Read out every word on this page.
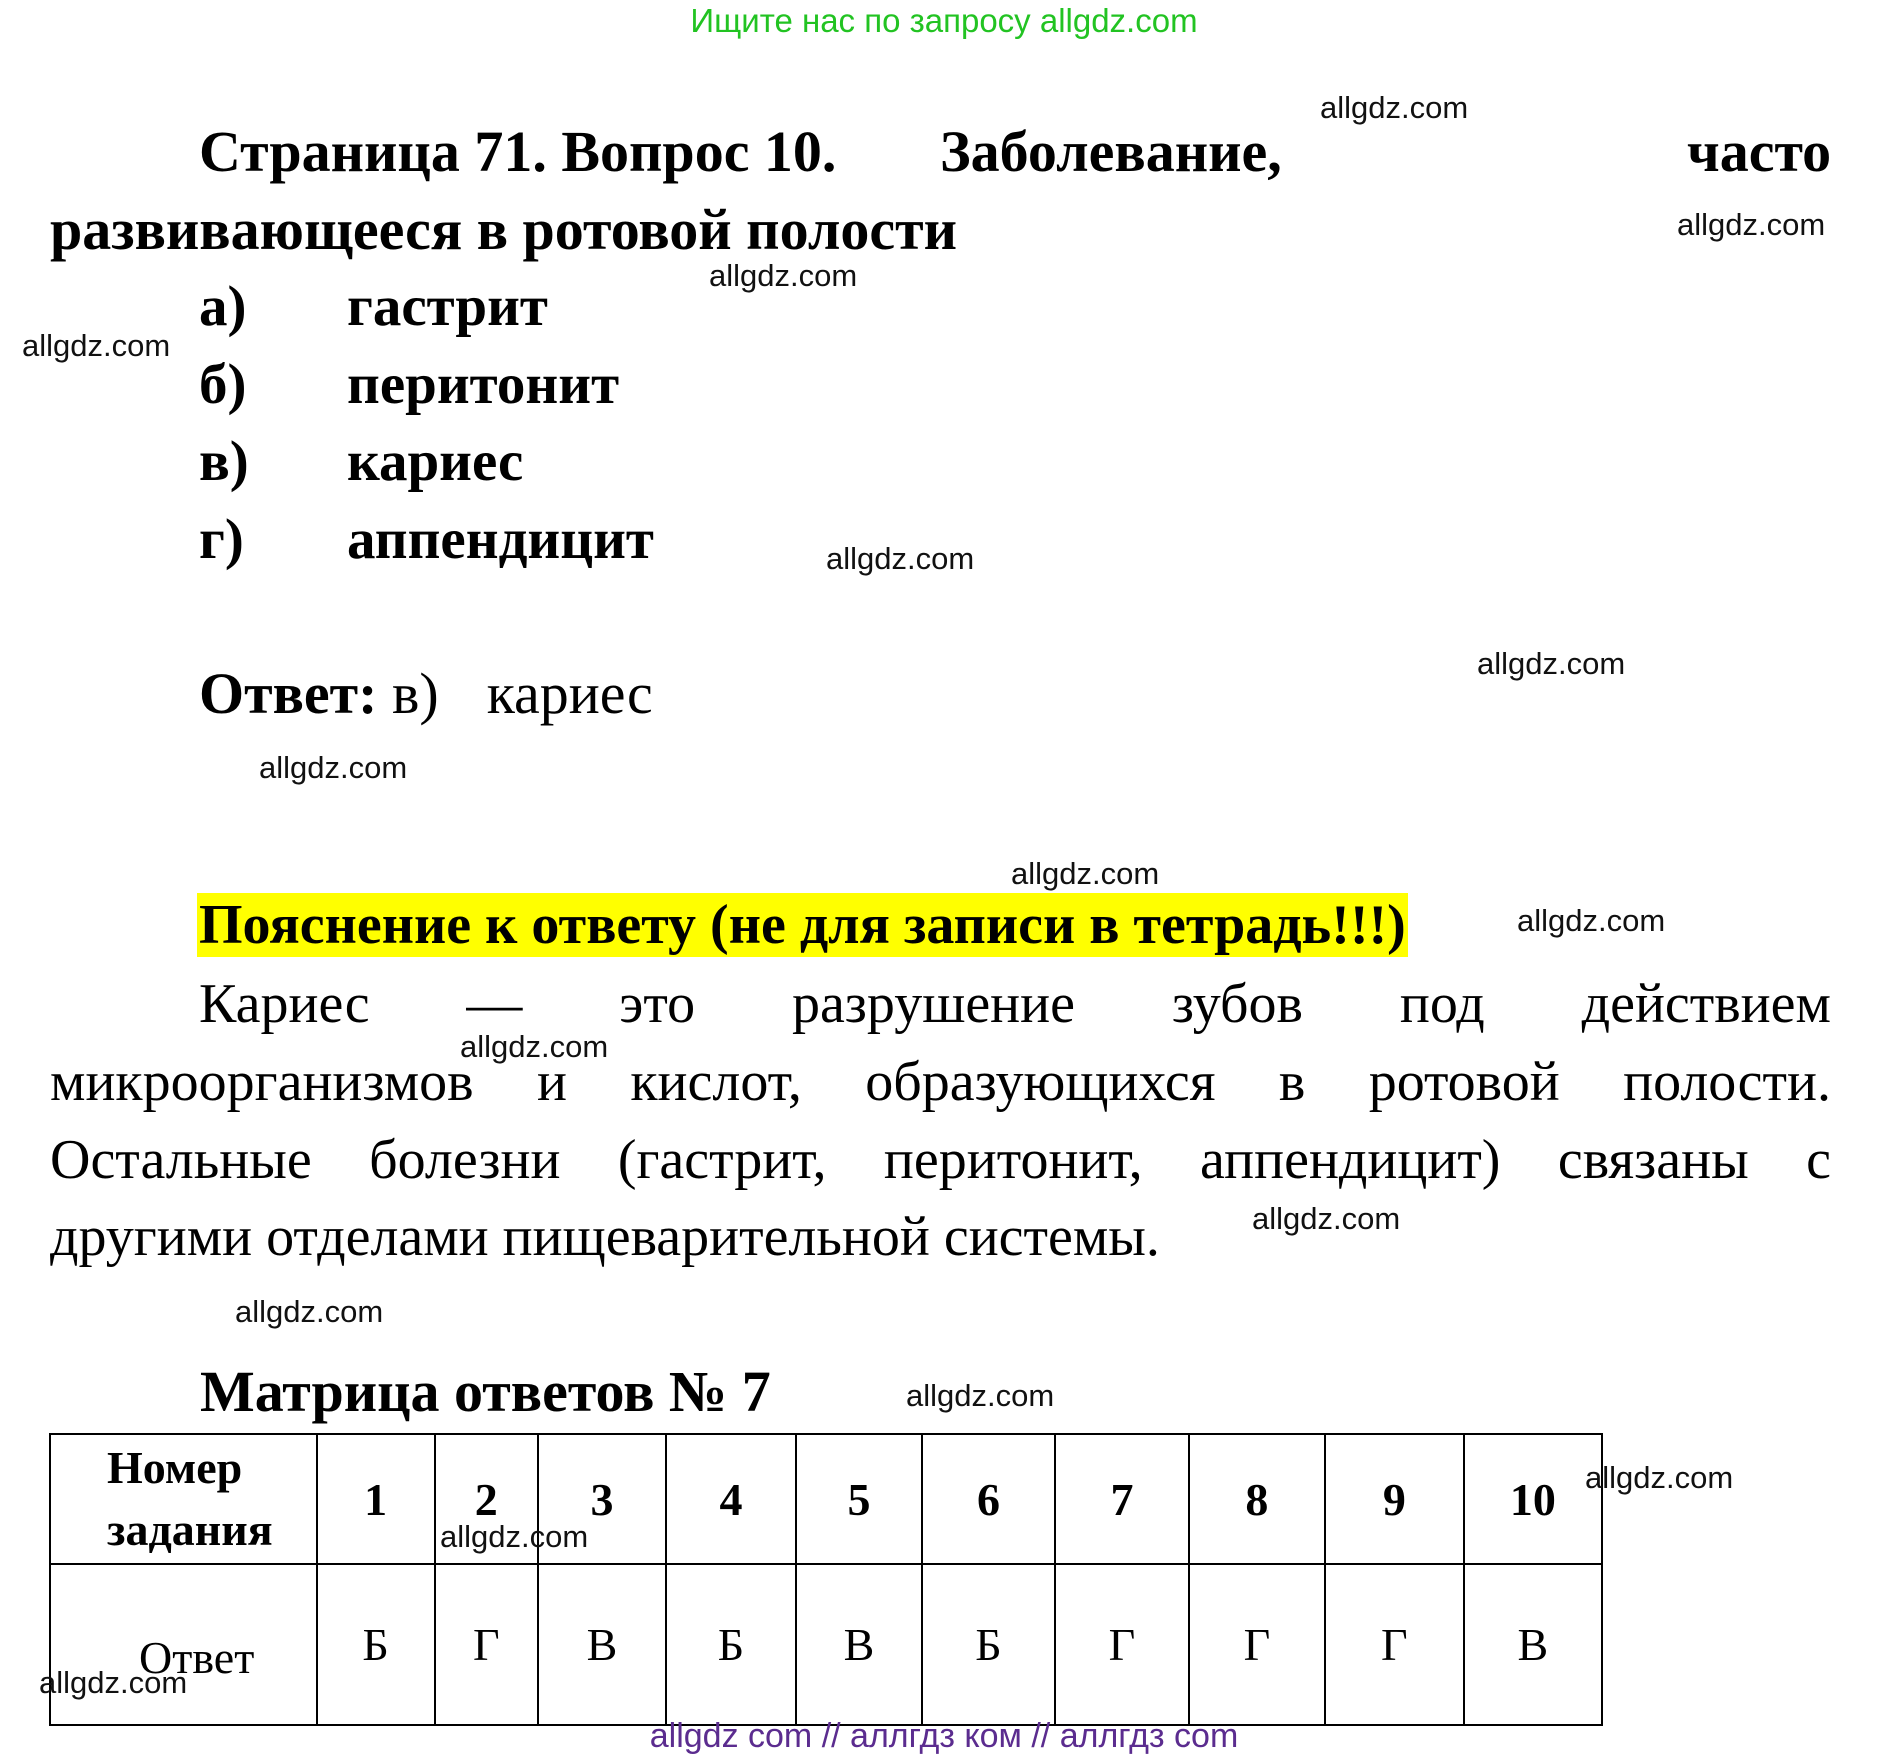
Ищите нас по запросу allgdz.com
allgdz.com
allgdz.com
allgdz.com
allgdz.com
allgdz.com
allgdz.com
allgdz.com
allgdz.com
allgdz.com
allgdz.com
allgdz.com
allgdz.com
allgdz.com
Страница 71. Вопрос 10. Заболевание,	часто
развивающееся в ротовой полости
а) гастрит
б) перитонит
в) кариес
г) аппендицит
Ответ: в) кариес
Пояснение к ответу (не для записи в тетрадь!!!)
Кариес — это разрушение зубов под действием
микроорганизмов и кислот, образующихся в ротовой полости.
Остальные болезни (гастрит, перитонит, аппендицит) связаны с
другими отделами пищеварительной системы.
Матрица ответов № 7
Номер
задания	1	2	3	4	5	6	7	8	9	10
Ответ	Б	Г	В	Б	В	Б	Г	Г	Г	В
allgdz.com
allgdz.com
allgdz.com
allgdz com // аллгдз ком // аллгдз com
